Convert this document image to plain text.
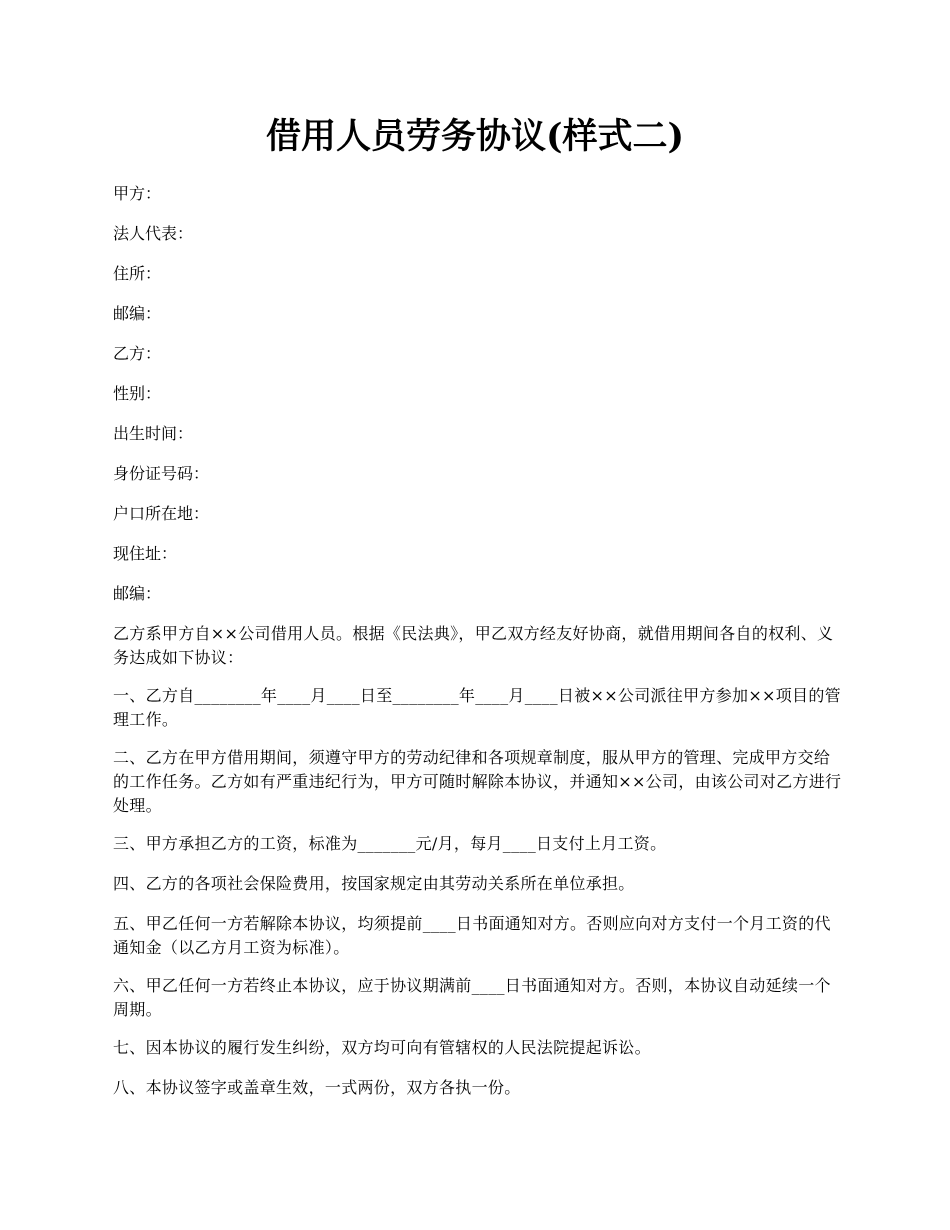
借用人员劳务协议(样式二)

甲方：

法人代表：

住所：

邮编：

乙方：

性别：

出生时间：

身份证号码：

户口所在地：

现住址：

邮编：

乙方系甲方自××公司借用人员。根据《民法典》，甲乙双方经友好协商，就借用期间各自的权利、义务达成如下协议：

一、乙方自________年____月____日至________年____月____日被××公司派往甲方参加××项目的管理工作。

二、乙方在甲方借用期间，须遵守甲方的劳动纪律和各项规章制度，服从甲方的管理、完成甲方交给的工作任务。乙方如有严重违纪行为，甲方可随时解除本协议，并通知××公司，由该公司对乙方进行处理。

三、甲方承担乙方的工资，标准为_______元/月，每月____日支付上月工资。

四、乙方的各项社会保险费用，按国家规定由其劳动关系所在单位承担。

五、甲乙任何一方若解除本协议，均须提前____日书面通知对方。否则应向对方支付一个月工资的代通知金（以乙方月工资为标准）。

六、甲乙任何一方若终止本协议，应于协议期满前____日书面通知对方。否则，本协议自动延续一个周期。

七、因本协议的履行发生纠纷，双方均可向有管辖权的人民法院提起诉讼。

八、本协议签字或盖章生效，一式两份，双方各执一份。
